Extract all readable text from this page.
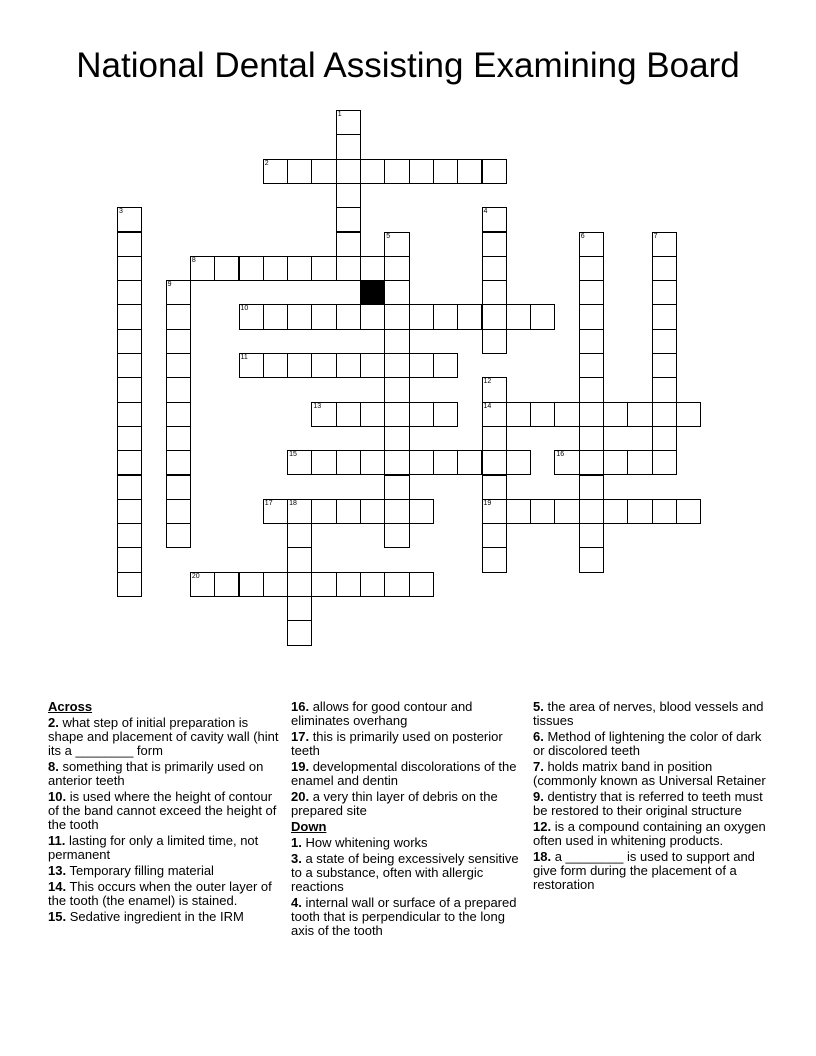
National Dental Assisting Examining Board
1
2
3	4
5	6	7
8
9
10
11
12
14
19
13
15	16
17 18
20
Across
2. what step of initial preparation is shape and placement of cavity wall (hint its a ________ form
8. something that is primarily used on anterior teeth
10. is used where the height of contour of the band cannot exceed the height of the tooth
11. lasting for only a limited time, not permanent
13. Temporary filling material
14. This occurs when the outer layer of the tooth (the enamel) is stained.
15. Sedative ingredient in the IRM
16. allows for good contour and eliminates overhang
17. this is primarily used on posterior teeth
19. developmental discolorations of the enamel and dentin
20. a very thin layer of debris on the prepared site
Down
1. How whitening works
3. a state of being excessively sensitive to a substance, often with allergic reactions
4. internal wall or surface of a prepared tooth that is perpendicular to the long axis of the tooth
5. the area of nerves, blood vessels and tissues
6. Method of lightening the color of dark or discolored teeth
7. holds matrix band in position (commonly known as Universal Retainer
9. dentistry that is referred to teeth must be restored to their original structure
12. is a compound containing an oxygen often used in whitening products.
18. a ________ is used to support and give form during the placement of a restoration
